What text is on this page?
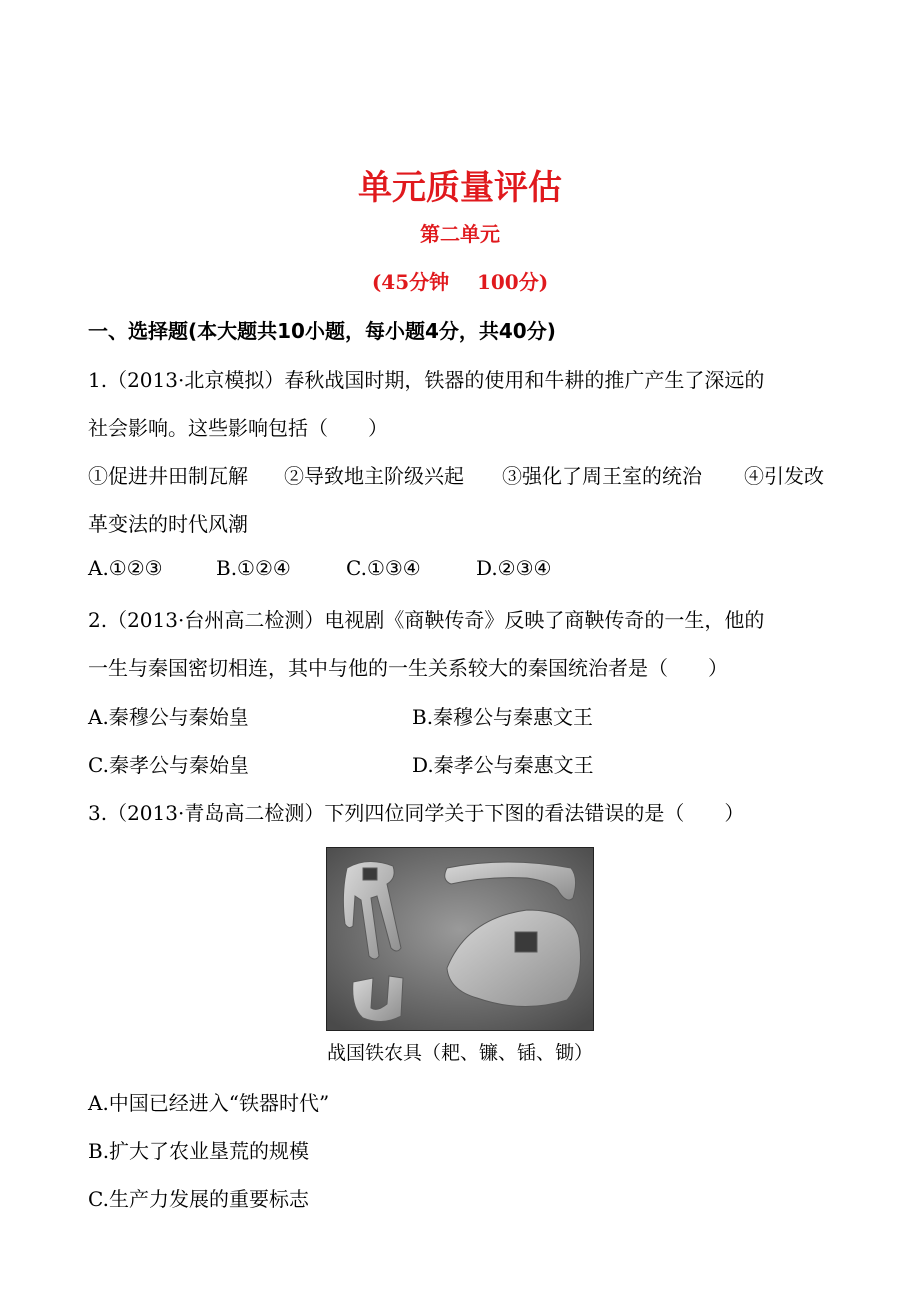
单元质量评估
第二单元
(45分钟 100分)
一、选择题(本大题共10小题，每小题4分，共40分)
1.（2013·北京模拟）春秋战国时期，铁器的使用和牛耕的推广产生了深远的
社会影响。这些影响包括（　　）
①促进井田制瓦解 ②导致地主阶级兴起 ③强化了周王室的统治 ④引发改
革变法的时代风潮
A.①②③	B.①②④	C.①③④	D.②③④
2.（2013·台州高二检测）电视剧《商鞅传奇》反映了商鞅传奇的一生，他的
一生与秦国密切相连，其中与他的一生关系较大的秦国统治者是（　　）
A.秦穆公与秦始皇	B.秦穆公与秦惠文王
C.秦孝公与秦始皇	D.秦孝公与秦惠文王
3.（2013·青岛高二检测）下列四位同学关于下图的看法错误的是（　　）
战国铁农具（耙、镰、锸、锄）
A.中国已经进入“铁器时代”
B.扩大了农业垦荒的规模
C.生产力发展的重要标志
